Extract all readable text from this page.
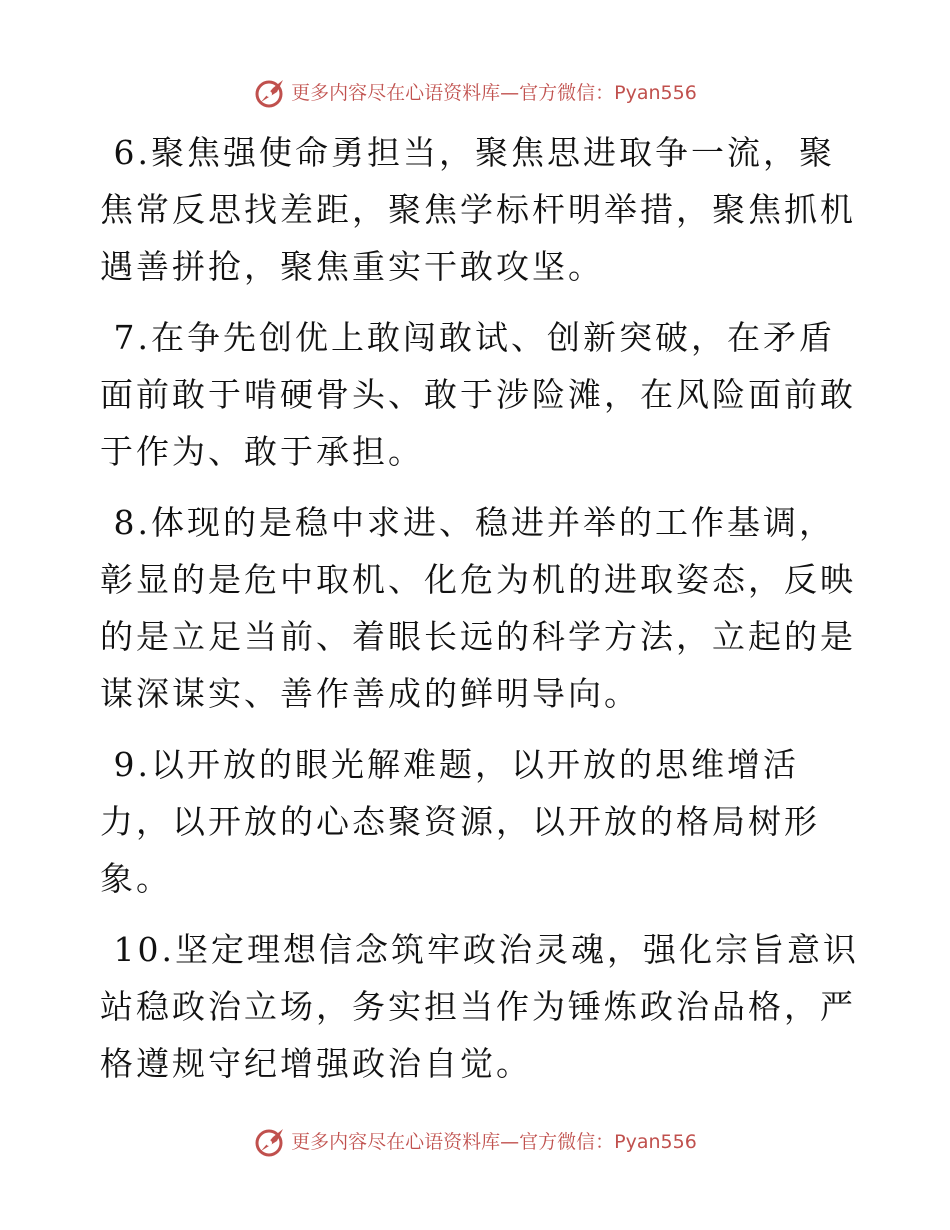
更多内容尽在心语资料库—官方微信： Pyan556

6.聚焦强使命勇担当，聚焦思进取争一流，聚焦常反思找差距，聚焦学标杆明举措，聚焦抓机遇善拼抢，聚焦重实干敢攻坚。

7.在争先创优上敢闯敢试、创新突破，在矛盾面前敢于啃硬骨头、敢于涉险滩，在风险面前敢于作为、敢于承担。

8.体现的是稳中求进、稳进并举的工作基调，彰显的是危中取机、化危为机的进取姿态，反映的是立足当前、着眼长远的科学方法，立起的是谋深谋实、善作善成的鲜明导向。

9.以开放的眼光解难题，以开放的思维增活力，以开放的心态聚资源，以开放的格局树形象。

10.坚定理想信念筑牢政治灵魂，强化宗旨意识站稳政治立场，务实担当作为锤炼政治品格，严格遵规守纪增强政治自觉。

更多内容尽在心语资料库—官方微信： Pyan556
